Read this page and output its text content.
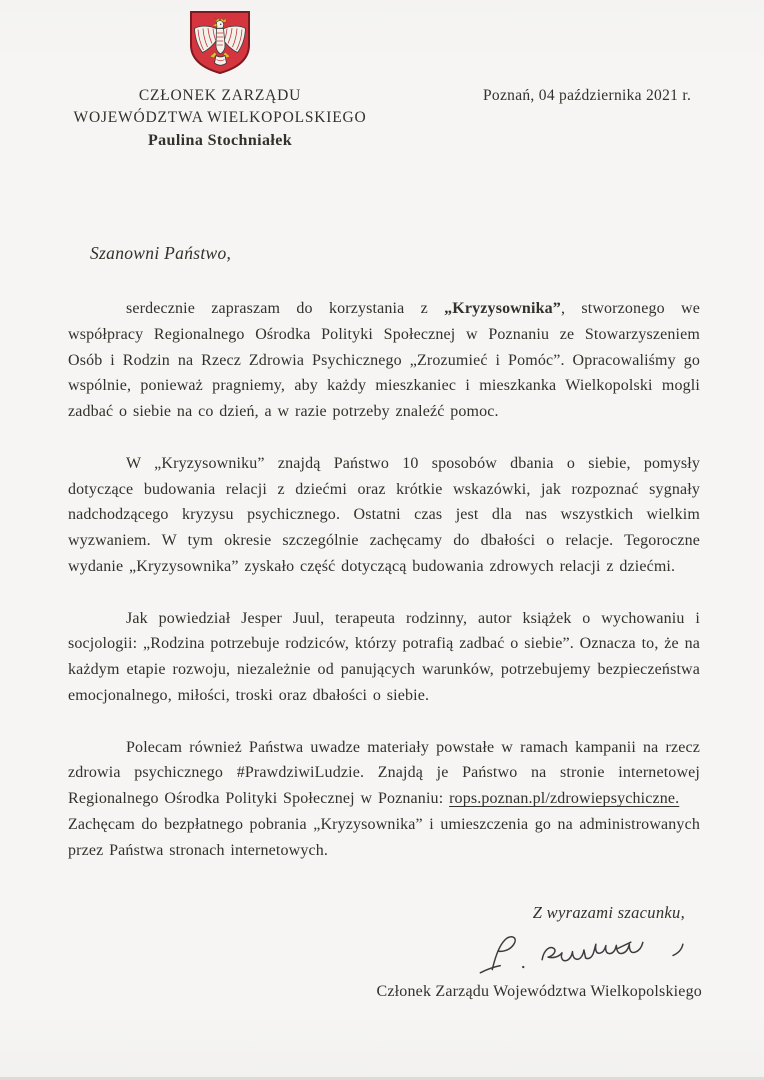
CZŁONEK ZARZĄDU
WOJEWÓDZTWA WIELKOPOLSKIEGO
Paulina Stochniałek
Poznań, 04 października 2021 r.
Szanowni Państwo,

serdecznie zapraszam do korzystania z „Kryzysownika”, stworzonego we współpracy Regionalnego Ośrodka Polityki Społecznej w Poznaniu ze Stowarzyszeniem Osób i Rodzin na Rzecz Zdrowia Psychicznego „Zrozumieć i Pomóc”. Opracowaliśmy go wspólnie, ponieważ pragniemy, aby każdy mieszkaniec i mieszkanka Wielkopolski mogli zadbać o siebie na co dzień, a w razie potrzeby znaleźć pomoc.

W „Kryzysowniku” znajdą Państwo 10 sposobów dbania o siebie, pomysły dotyczące budowania relacji z dziećmi oraz krótkie wskazówki, jak rozpoznać sygnały nadchodzącego kryzysu psychicznego. Ostatni czas jest dla nas wszystkich wielkim wyzwaniem. W tym okresie szczególnie zachęcamy do dbałości o relacje. Tegoroczne wydanie „Kryzysownika” zyskało część dotyczącą budowania zdrowych relacji z dziećmi.

Jak powiedział Jesper Juul, terapeuta rodzinny, autor książek o wychowaniu i socjologii: „Rodzina potrzebuje rodziców, którzy potrafią zadbać o siebie”. Oznacza to, że na każdym etapie rozwoju, niezależnie od panujących warunków, potrzebujemy bezpieczeństwa emocjonalnego, miłości, troski oraz dbałości o siebie.

Polecam również Państwa uwadze materiały powstałe w ramach kampanii na rzecz zdrowia psychicznego #PrawdziwiLudzie. Znajdą je Państwo na stronie internetowej Regionalnego Ośrodka Polityki Społecznej w Poznaniu: rops.poznan.pl/zdrowiepsychiczne.

Zachęcam do bezpłatnego pobrania „Kryzysownika” i umieszczenia go na administrowanych przez Państwa stronach internetowych.

Z wyrazami szacunku,
Członek Zarządu Województwa Wielkopolskiego
